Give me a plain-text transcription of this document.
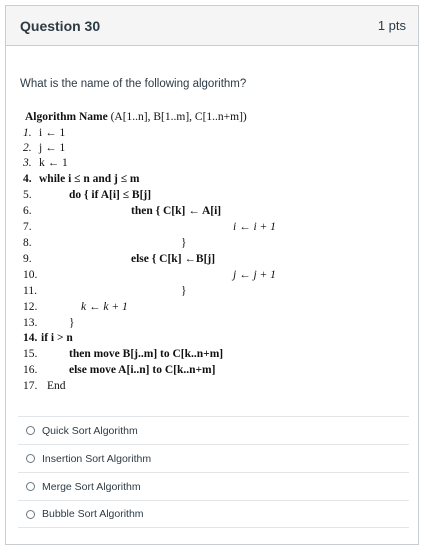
Question 30	1 pts
What is the name of the following algorithm?
Algorithm Name (A[1..n], B[1..m], C[1..n+m])
1. i ← 1
2. j ← 1
3. k ← 1
4. while i ≤ n and j ≤ m
5.	do { if A[i] ≤ B[j]
6.	then { C[k] ← A[i]
7.	i ← i + 1
8.	}
9.	else { C[k] ←B[j]
10.	j ← j + 1
11.	}
12.	k ← k + 1
13.	}
14. if i > n
15.	then move B[j..m] to C[k..n+m]
16.	else move A[i..n] to C[k..n+m]
17. End
Quick Sort Algorithm
Insertion Sort Algorithm
Merge Sort Algorithm
Bubble Sort Algorithm
